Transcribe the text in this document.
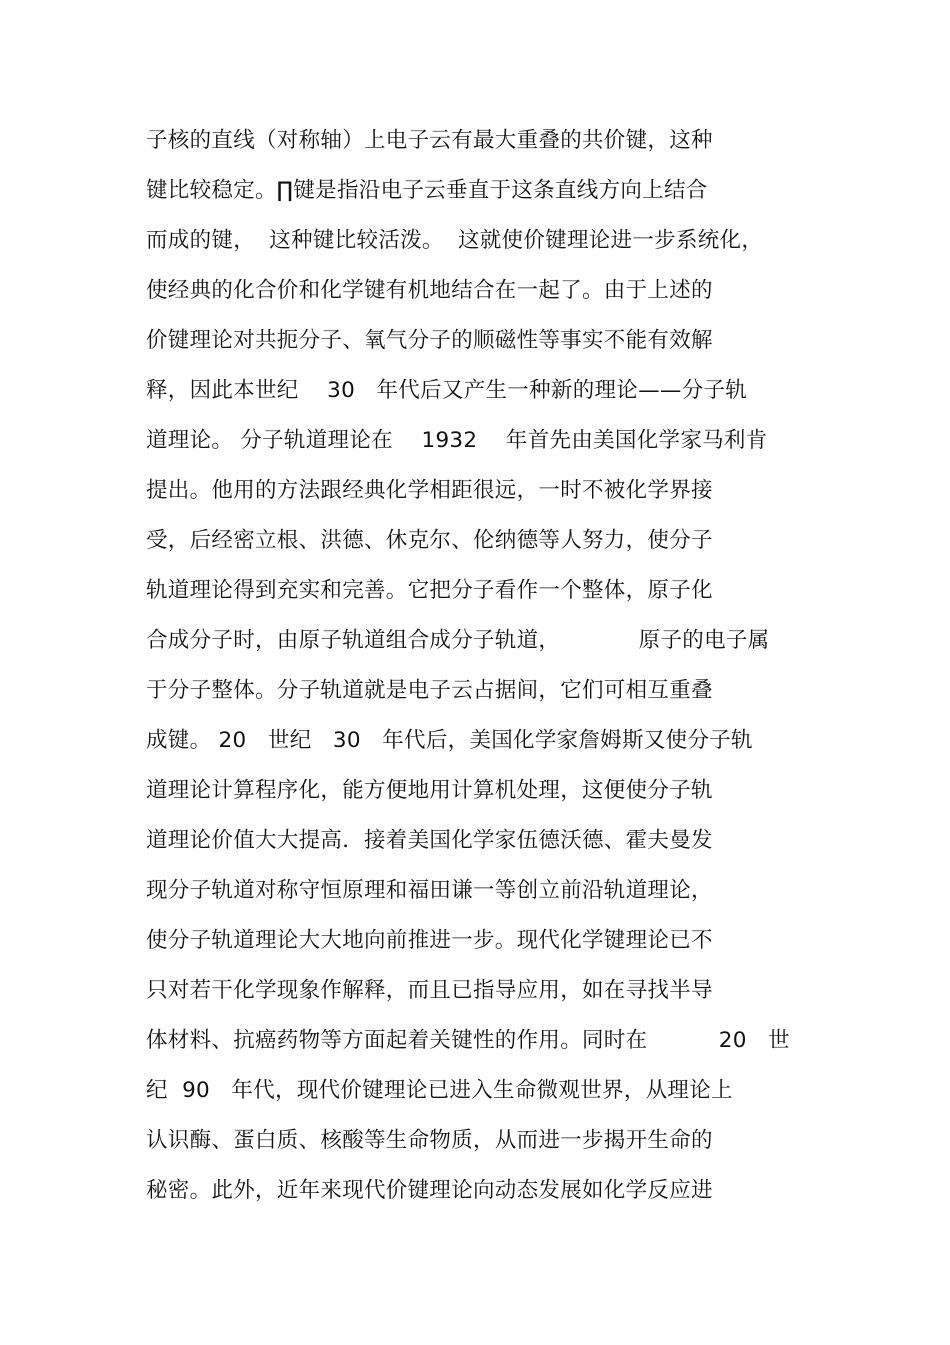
子核的直线（对称轴）上电子云有最大重叠的共价键，这种
键比较稳定。∏键是指沿电子云垂直于这条直线方向上结合
而成的键，  这种键比较活泼。  这就使价键理论进一步系统化，
使经典的化合价和化学键有机地结合在一起了。由于上述的
价键理论对共扼分子、氧气分子的顺磁性等事实不能有效解
释，因此本世纪    30   年代后又产生一种新的理论——分子轨
道理论。 分子轨道理论在    1932    年首先由美国化学家马利肯
提出。他用的方法跟经典化学相距很远，一时不被化学界接
受，后经密立根、洪德、休克尔、伦纳德等人努力，使分子
轨道理论得到充实和完善。它把分子看作一个整体，原子化
合成分子时，由原子轨道组合成分子轨道，           原子的电子属
于分子整体。分子轨道就是电子云占据间，它们可相互重叠
成键。 20   世纪   30   年代后，美国化学家詹姆斯又使分子轨
道理论计算程序化，能方便地用计算机处理，这便使分子轨
道理论价值大大提高．接着美国化学家伍德沃德、霍夫曼发
现分子轨道对称守恒原理和福田谦一等创立前沿轨道理论，
使分子轨道理论大大地向前推进一步。现代化学键理论已不
只对若干化学现象作解释，而且已指导应用，如在寻找半导
体材料、抗癌药物等方面起着关键性的作用。同时在          20   世
纪  90   年代，现代价键理论已进入生命微观世界，从理论上
认识酶、蛋白质、核酸等生命物质，从而进一步揭开生命的
秘密。此外，近年来现代价键理论向动态发展如化学反应进
